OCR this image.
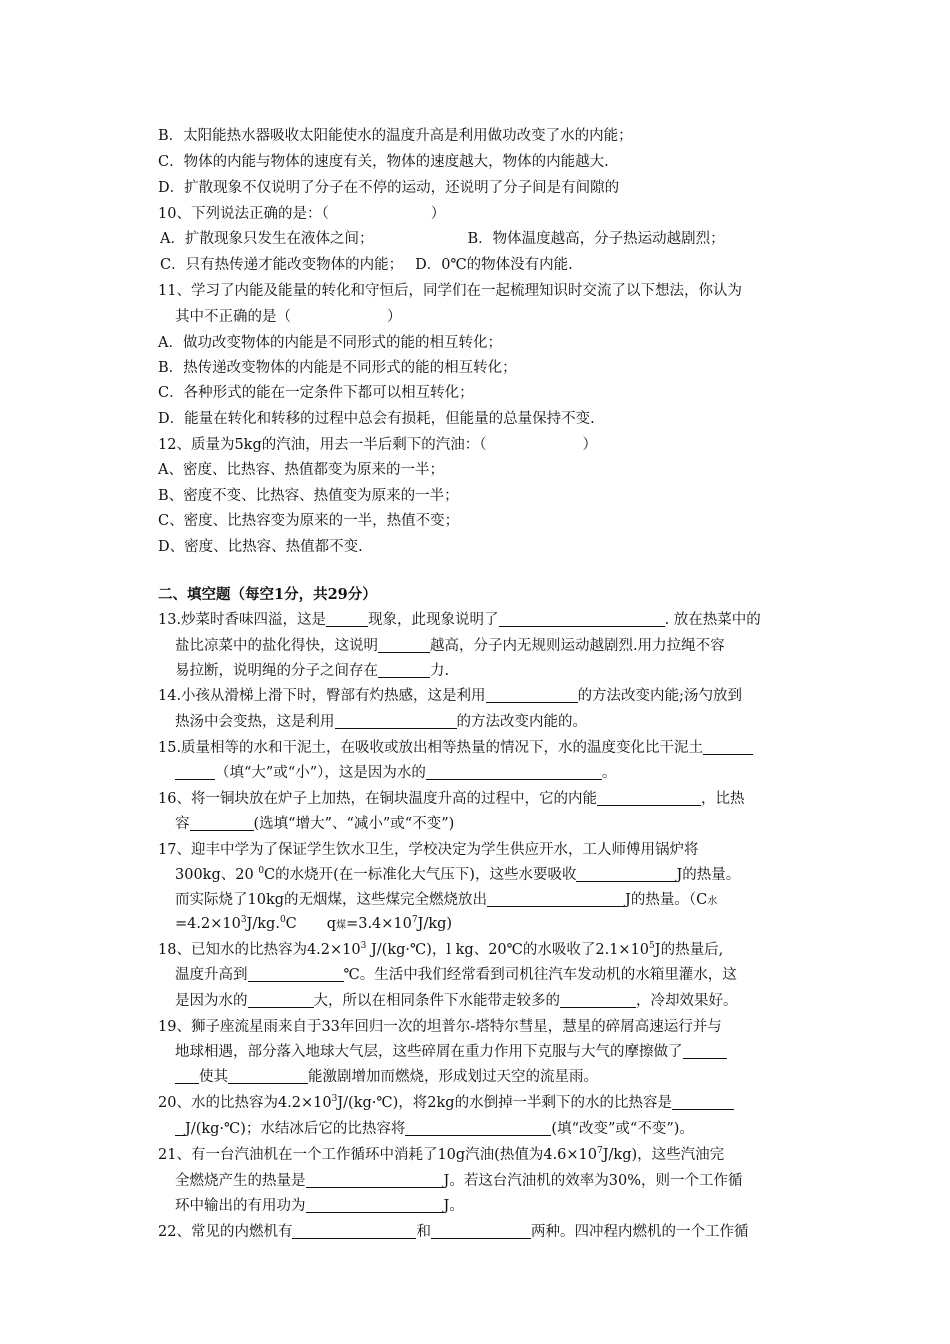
B．太阳能热水器吸收太阳能使水的温度升高是利用做功改变了水的内能；
C．物体的内能与物体的速度有关，物体的速度越大，物体的内能越大.
D．扩散现象不仅说明了分子在不停的运动，还说明了分子间是有间隙的
10、下列说法正确的是：（	）
A．扩散现象只发生在液体之间；	B．物体温度越高，分子热运动越剧烈；
C．只有热传递才能改变物体的内能； D．0℃的物体没有内能.
11、学习了内能及能量的转化和守恒后，同学们在一起梳理知识时交流了以下想法，你认为
其中不正确的是（	）
A．做功改变物体的内能是不同形式的能的相互转化；
B．热传递改变物体的内能是不同形式的能的相互转化；
C．各种形式的能在一定条件下都可以相互转化；
D．能量在转化和转移的过程中总会有损耗，但能量的总量保持不变.
12、质量为5kg的汽油，用去一半后剩下的汽油：（	）
A、密度、比热容、热值都变为原来的一半；
B、密度不变、比热容、热值变为原来的一半；
C、密度、比热容变为原来的一半，热值不变；
D、密度、比热容、热值都不变.
二、填空题（每空1分，共29分）
13.炒菜时香味四溢，这是	现象，此现象说明了	. 放在热菜中的
盐比凉菜中的盐化得快，这说明	越高，分子内无规则运动越剧烈.用力拉绳不容
易拉断，说明绳的分子之间存在	力.
14.小孩从滑梯上滑下时，臀部有灼热感，这是利用	的方法改变内能;汤勺放到
热汤中会变热，这是利用	的方法改变内能的。
15.质量相等的水和干泥土，在吸收或放出相等热量的情况下，水的温度变化比干泥土
（填“大”或“小”），这是因为水的	。
16、将一铜块放在炉子上加热，在铜块温度升高的过程中，它的内能	，比热
容	(选填“增大”、“减小”或“不变”)
17、迎丰中学为了保证学生饮水卫生，学校决定为学生供应开水，工人师傅用锅炉将
300kg、20 $^0$C的水烧开(在一标准化大气压下)，这些水要吸收	J的热量。
而实际烧了10kg的无烟煤，这些煤完全燃烧放出	J的热量。（C水
$=4.2\times 10^3J/kg.^0C$ q煤$=3.4\times 10^7J/kg$)
18、已知水的比热容为$4.2\times 10^3$ J/(kg·℃)，l kg、20℃的水吸收了$2.1\times 10^5J$的热量后,
温度升高到	℃。生活中我们经常看到司机往汽车发动机的水箱里灌水，这
是因为水的	大，所以在相同条件下水能带走较多的	，冷却效果好。
19、狮子座流星雨来自于33年回归一次的坦普尔-塔特尔彗星，慧星的碎屑高速运行并与
地球相遇，部分落入地球大气层，这些碎屑在重力作用下克服与大气的摩擦做了
使其	能激剧增加而燃烧，形成划过天空的流星雨。
20、水的比热容为$4.2\times 10^3J/(kg\cdot℃)$，将2kg的水倒掉一半剩下的水的比热容是
J/(kg·℃)；水结冰后它的比热容将	(填“改变”或“不变”)。
21、有一台汽油机在一个工作循环中消耗了10g汽油(热值为$4.6\times 10^7J/kg$)，这些汽油完
全燃烧产生的热量是	J。若这台汽油机的效率为30%，则一个工作循
环中输出的有用功为	J。
22、常见的内燃机有	和	两种。四冲程内燃机的一个工作循
